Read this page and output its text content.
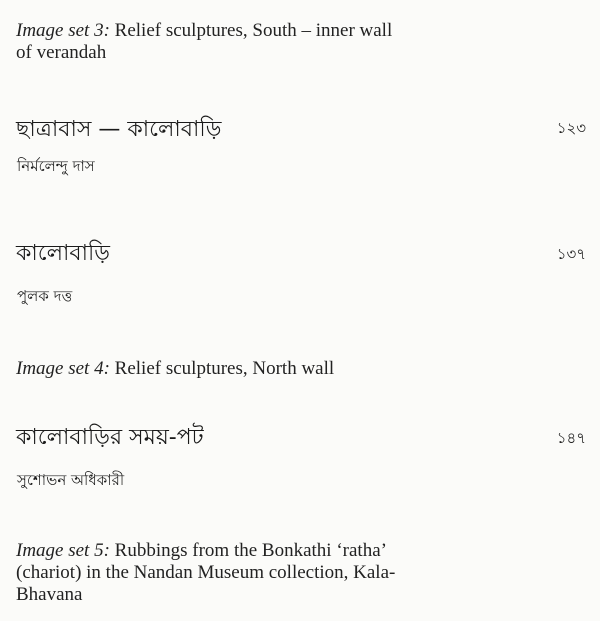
Image set 3: Relief sculptures, South – inner wall
of verandah
ছাত্রাবাস — কালোবাড়ি	১২৩
নির্মলেন্দু দাস
কালোবাড়ি	১৩৭
পুলক দত্ত
Image set 4: Relief sculptures, North wall
কালোবাড়ির সময়-পট	১৪৭
সুশোভন অধিকারী
Image set 5: Rubbings from the Bonkathi ‘ratha’
(chariot) in the Nandan Museum collection, Kala-
Bhavana
